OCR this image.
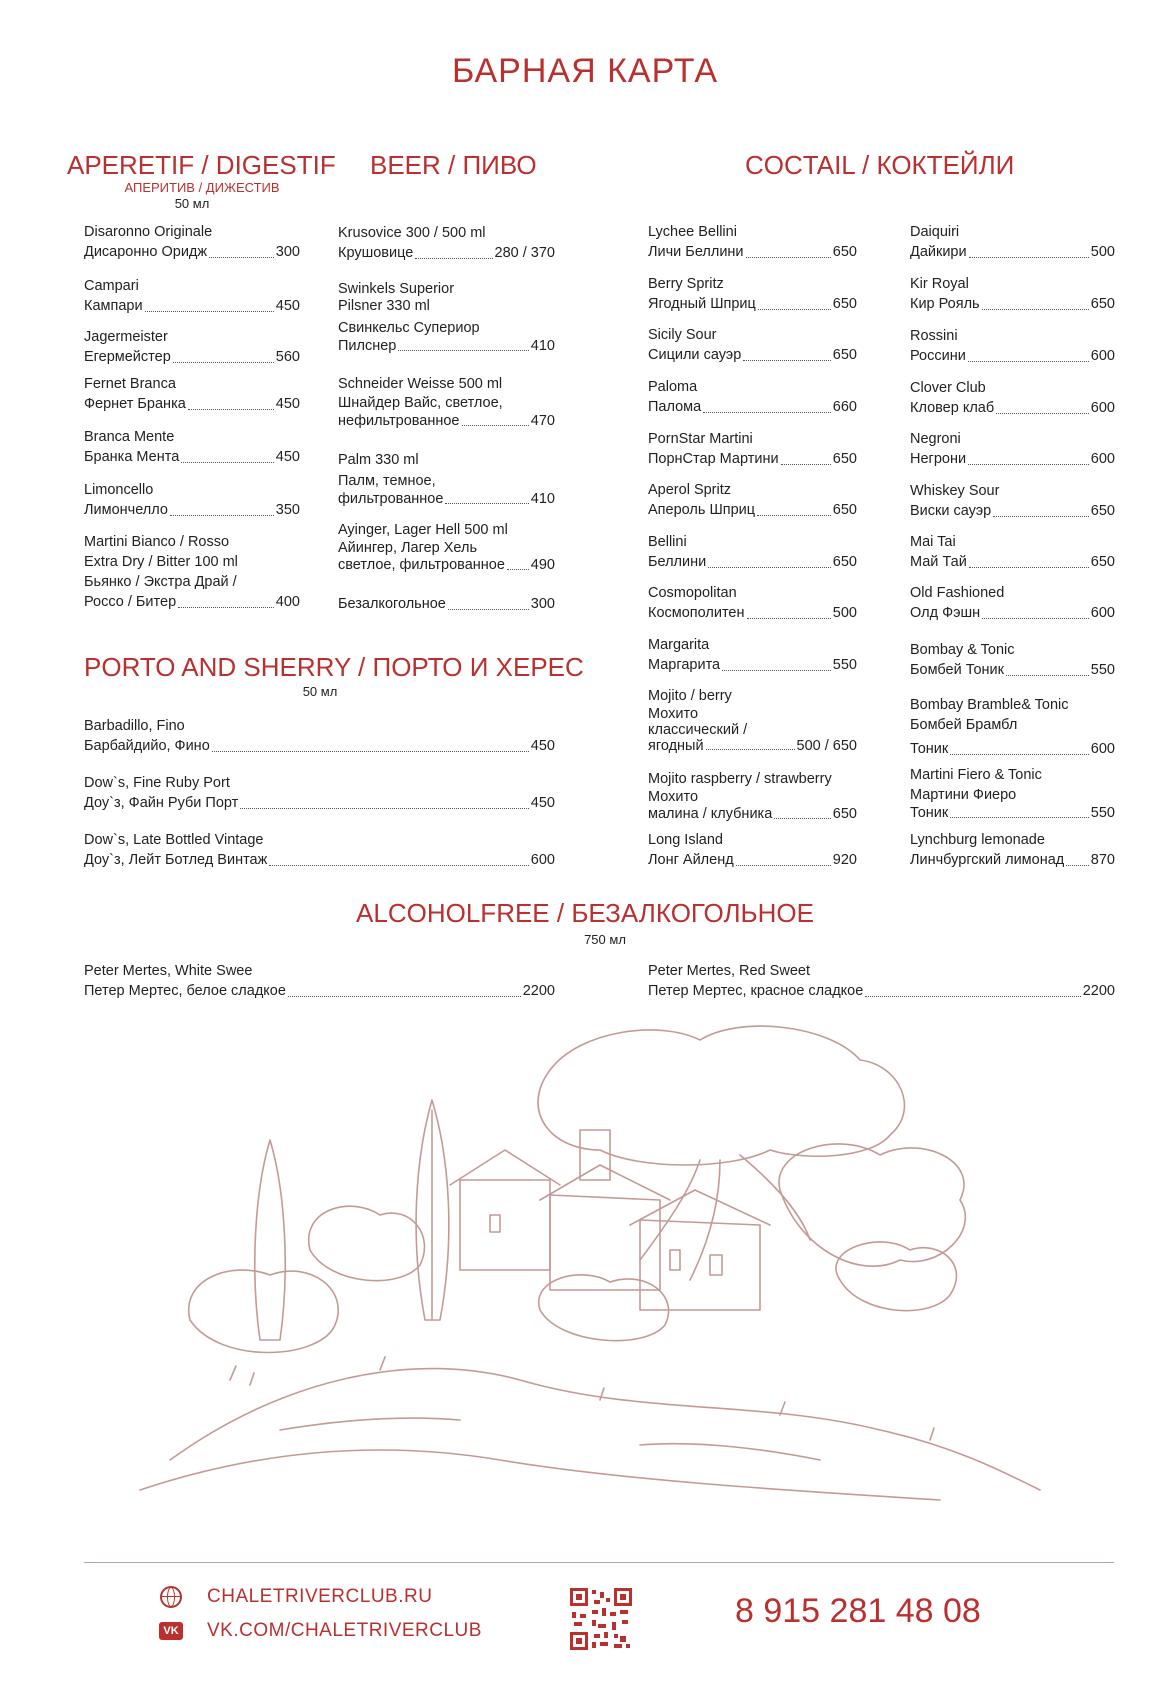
БАРНАЯ КАРТА
APERETIF / DIGESTIF
АПЕРИТИВ / ДИЖЕСТИВ
50 мл
BEER / ПИВО	COCTAIL / КОКТЕЙЛИ
PORTO AND SHERRY / ПОРТО И ХЕРЕС
50 мл
ALCOHOLFREE / БЕЗАЛКОГОЛЬНОЕ
750 мл
Disaronno Originale
Дисаронно Оридж	300
Campari
Кампари	450
Jagermeister
Егермейстер	560
Fernet Branca
Фернет Бранка	450
Branca Mente
Бранка Мента	450
Limoncello
Лимончелло	350
Martini Bianco / Rosso
Extra Dry / Bitter 100 ml
Бьянко / Экстра Драй /
Россо / Битер	400
Krusovice 300 / 500 ml
Крушовице	280 / 370
Swinkels Superior
Pilsner 330 ml
Свинкельс Супериор
Пилснер	410
Schneider Weisse 500 ml
Шнайдер Вайс, светлое,
нефильтрованное	470
Palm 330 ml
Палм, темное,
фильтрованное	410
Ayinger, Lager Hell 500 ml
Айингер, Лагер Хель
светлое, фильтрованное 490
Безалкогольное	300
Barbadillo, Fino
Барбайдийо, Фино	450
Dow`s, Fine Ruby Port
Доу`з, Файн Руби Порт	450
Dow`s, Late Bottled Vintage
Доу`з, Лейт Ботлед Винтаж	600
Lychee Bellini
Личи Беллини	650
Berry Spritz
Ягодный Шприц	650
Sicily Sour
Сицили сауэр	650
Paloma
Палома	660
PornStar Martini
ПорнСтар Мартини	650
Aperol Spritz
Апероль Шприц	650
Bellini
Беллини	650
Cosmopolitan
Космополитен	500
Margarita
Маргарита	550
Mojito / berry
Мохито
классический /
ягодный	500 / 650
Mojito raspberry / strawberry
Мохито
малина / клубника	650
Long Island
Лонг Айленд	920
Daiquiri
Дайкири	500
Kir Royal
Кир Рояль	650
Rossini
Россини	600
Clover Club
Кловер клаб	600
Negroni
Негрони	600
Whiskey Sour
Виски сауэр	650
Mai Tai
Май Тай	650
Old Fashioned
Олд Фэшн	600
Bombay & Tonic
Бомбей Тоник	550
Bombay Bramble& Tonic
Бомбей Брамбл
Тоник	600
Martini Fiero & Tonic
Мартини Фиеро
Тоник	550
Lynchburg lemonade
Линчбургский лимонад 870
Peter Mertes, White Swee
Петер Мертес, белое сладкое	2200
Peter Mertes, Red Sweet
Петер Мертес, красное сладкое	2200
CHALETRIVERCLUB.RU
VK VK.COM/CHALETRIVERCLUB
8 915 281 48 08
